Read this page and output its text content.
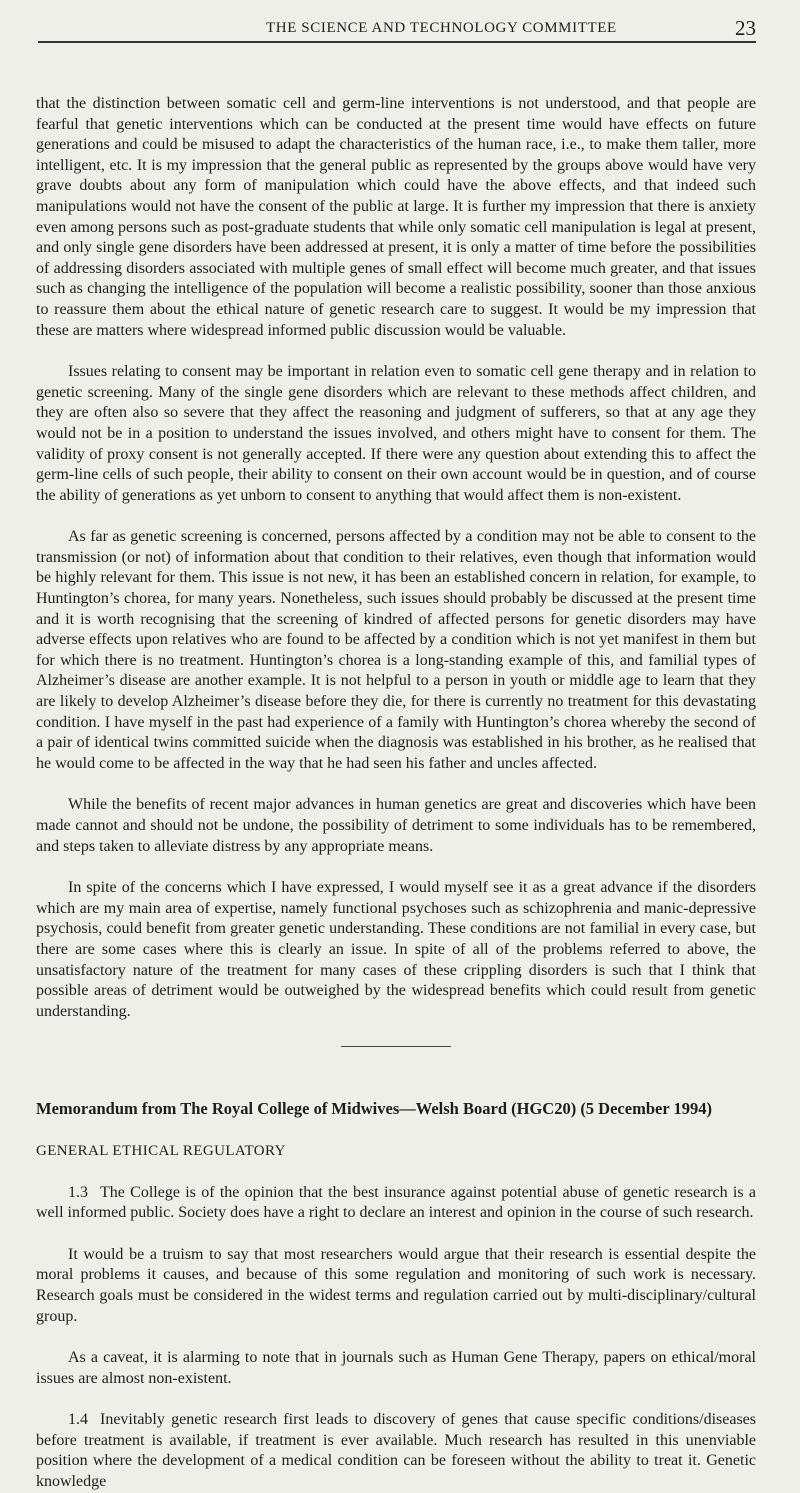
THE SCIENCE AND TECHNOLOGY COMMITTEE	23

that the distinction between somatic cell and germ-line interventions is not understood, and that people are fearful that genetic interventions which can be conducted at the present time would have effects on future generations and could be misused to adapt the characteristics of the human race, i.e., to make them taller, more intelligent, etc. It is my impression that the general public as represented by the groups above would have very grave doubts about any form of manipulation which could have the above effects, and that indeed such manipulations would not have the consent of the public at large. It is further my impression that there is anxiety even among persons such as post-graduate students that while only somatic cell manipulation is legal at present, and only single gene disorders have been addressed at present, it is only a matter of time before the possibilities of addressing disorders associated with multiple genes of small effect will become much greater, and that issues such as changing the intelligence of the population will become a realistic possibility, sooner than those anxious to reassure them about the ethical nature of genetic research care to suggest. It would be my impression that these are matters where widespread informed public discussion would be valuable.

Issues relating to consent may be important in relation even to somatic cell gene therapy and in relation to genetic screening. Many of the single gene disorders which are relevant to these methods affect children, and they are often also so severe that they affect the reasoning and judgment of sufferers, so that at any age they would not be in a position to understand the issues involved, and others might have to consent for them. The validity of proxy consent is not generally accepted. If there were any question about extending this to affect the germ-line cells of such people, their ability to consent on their own account would be in question, and of course the ability of generations as yet unborn to consent to anything that would affect them is non-existent.

As far as genetic screening is concerned, persons affected by a condition may not be able to consent to the transmission (or not) of information about that condition to their relatives, even though that information would be highly relevant for them. This issue is not new, it has been an established concern in relation, for example, to Huntington’s chorea, for many years. Nonetheless, such issues should probably be discussed at the present time and it is worth recognising that the screening of kindred of affected persons for genetic disorders may have adverse effects upon relatives who are found to be affected by a condition which is not yet manifest in them but for which there is no treatment. Huntington’s chorea is a long-standing example of this, and familial types of Alzheimer’s disease are another example. It is not helpful to a person in youth or middle age to learn that they are likely to develop Alzheimer’s disease before they die, for there is currently no treatment for this devastating condition. I have myself in the past had experience of a family with Huntington’s chorea whereby the second of a pair of identical twins committed suicide when the diagnosis was established in his brother, as he realised that he would come to be affected in the way that he had seen his father and uncles affected.

While the benefits of recent major advances in human genetics are great and discoveries which have been made cannot and should not be undone, the possibility of detriment to some individuals has to be remembered, and steps taken to alleviate distress by any appropriate means.

In spite of the concerns which I have expressed, I would myself see it as a great advance if the disorders which are my main area of expertise, namely functional psychoses such as schizophrenia and manic-depressive psychosis, could benefit from greater genetic understanding. These conditions are not familial in every case, but there are some cases where this is clearly an issue. In spite of all of the problems referred to above, the unsatisfactory nature of the treatment for many cases of these crippling disorders is such that I think that possible areas of detriment would be outweighed by the widespread benefits which could result from genetic understanding.

Memorandum from The Royal College of Midwives—Welsh Board (HGC20) (5 December 1994)

GENERAL ETHICAL REGULATORY

1.3 The College is of the opinion that the best insurance against potential abuse of genetic research is a well informed public. Society does have a right to declare an interest and opinion in the course of such research.

It would be a truism to say that most researchers would argue that their research is essential despite the moral problems it causes, and because of this some regulation and monitoring of such work is necessary. Research goals must be considered in the widest terms and regulation carried out by multi-disciplinary/cultural group.

As a caveat, it is alarming to note that in journals such as Human Gene Therapy, papers on ethical/moral issues are almost non-existent.

1.4 Inevitably genetic research first leads to discovery of genes that cause specific conditions/diseases before treatment is available, if treatment is ever available. Much research has resulted in this unenviable position where the development of a medical condition can be foreseen without the ability to treat it. Genetic knowledge
